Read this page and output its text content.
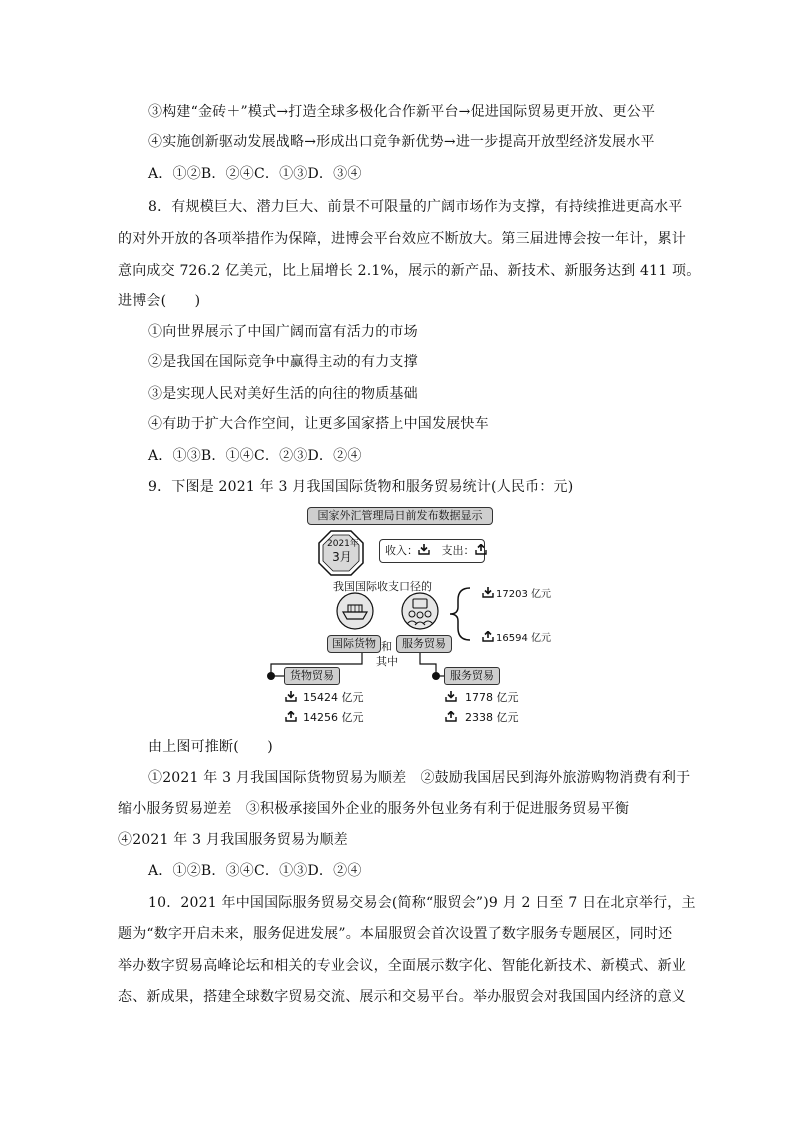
③构建“金砖＋”模式→打造全球多极化合作新平台→促进国际贸易更开放、更公平
④实施创新驱动发展战略→形成出口竞争新优势→进一步提高开放型经济发展水平
A．①②B．②④C．①③D．③④
8．有规模巨大、潜力巨大、前景不可限量的广阔市场作为支撑，有持续推进更高水平
的对外开放的各项举措作为保障，进博会平台效应不断放大。第三届进博会按一年计，累计
意向成交 726.2 亿美元，比上届增长 2.1%，展示的新产品、新技术、新服务达到 411 项。
进博会(　　)
①向世界展示了中国广阔而富有活力的市场
②是我国在国际竞争中赢得主动的有力支撑
③是实现人民对美好生活的向往的物质基础
④有助于扩大合作空间，让更多国家搭上中国发展快车
A．①③B．①④C．②③D．②④
9．下图是 2021 年 3 月我国国际货物和服务贸易统计(人民币：元)
由上图可推断(　　)
①2021 年 3 月我国国际货物贸易为顺差　②鼓励我国居民到海外旅游购物消费有利于
缩小服务贸易逆差　③积极承接国外企业的服务外包业务有利于促进服务贸易平衡
④2021 年 3 月我国服务贸易为顺差
A．①②B．③④C．①③D．②④
10．2021 年中国国际服务贸易交易会(简称“服贸会”)9 月 2 日至 7 日在北京举行，主
题为“数字开启未来，服务促进发展”。本届服贸会首次设置了数字服务专题展区，同时还
举办数字贸易高峰论坛和相关的专业会议，全面展示数字化、智能化新技术、新模式、新业
态、新成果，搭建全球数字贸易交流、展示和交易平台。举办服贸会对我国国内经济的意义
国家外汇管理局日前发布数据显示
2021年
3月	收入： 支出：
我国国际收支口径的
17203 亿元
16594 亿元
国际货物 和 服务贸易
其中
货物贸易	服务贸易
15424 亿元
14256 亿元
1778 亿元
2338 亿元
